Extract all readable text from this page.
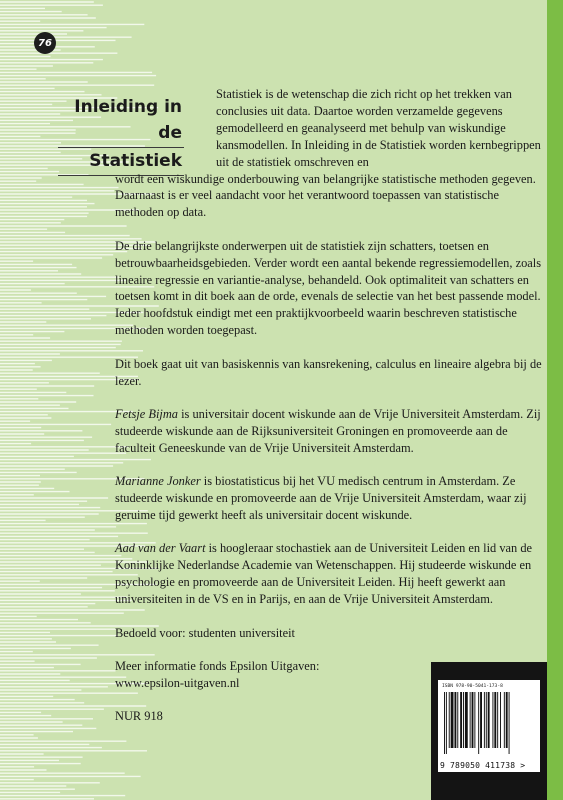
76
Inleiding in de
Statistiek

Statistiek is de wetenschap die zich richt op het trekken van conclusies uit data. Daartoe worden verzamelde gegevens gemodelleerd en geanalyseerd met behulp van wiskundige kansmodellen. In Inleiding in de Statistiek worden kernbegrippen uit de statistiek omschreven en

wordt een wiskundige onderbouwing van belangrijke statistische methoden gegeven. Daarnaast is er veel aandacht voor het verantwoord toepassen van statistische methoden op data.

De drie belangrijkste onderwerpen uit de statistiek zijn schatters, toetsen en betrouwbaarheidsgebieden. Verder wordt een aantal bekende regressiemodellen, zoals lineaire regressie en variantie-analyse, behandeld. Ook optimaliteit van schatters en toetsen komt in dit boek aan de orde, evenals de selectie van het best passende model. Ieder hoofdstuk eindigt met een praktijkvoorbeeld waarin beschreven statistische methoden worden toegepast.

Dit boek gaat uit van basiskennis van kansrekening, calculus en lineaire algebra bij de lezer.

Fetsje Bijma is universitair docent wiskunde aan de Vrije Universiteit Amsterdam. Zij studeerde wiskunde aan de Rijksuniversiteit Groningen en promoveerde aan de faculteit Geneeskunde van de Vrije Universiteit Amsterdam.

Marianne Jonker is biostatisticus bij het VU medisch centrum in Amsterdam. Ze studeerde wiskunde en promoveerde aan de Vrije Universiteit Amsterdam, waar zij geruime tijd gewerkt heeft als universitair docent wiskunde.

Aad van der Vaart is hoogleraar stochastiek aan de Universiteit Leiden en lid van de Koninklijke Nederlandse Academie van Wetenschappen. Hij studeerde wiskunde en psychologie en promoveerde aan de Universiteit Leiden. Hij heeft gewerkt aan universiteiten in de VS en in Parijs, en aan de Vrije Universiteit Amsterdam.

Bedoeld voor: studenten universiteit

Meer informatie fonds Epsilon Uitgaven:
www.epsilon-uitgaven.nl

NUR 918

ISBN 978-90-5041-173-8
9 789050 411738 >
